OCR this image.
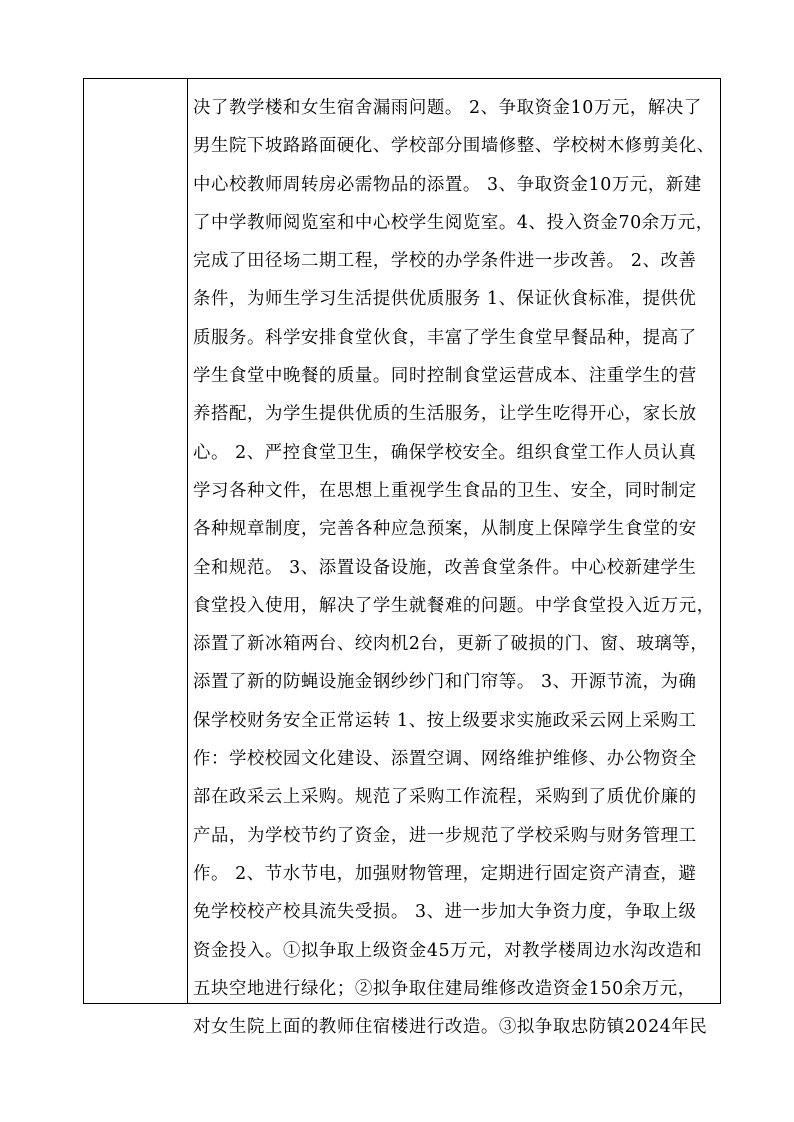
决了教学楼和女生宿舍漏雨问题。 2、争取资金10万元，解决了
男生院下坡路路面硬化、学校部分围墙修整、学校树木修剪美化、
中心校教师周转房必需物品的添置。 3、争取资金10万元，新建
了中学教师阅览室和中心校学生阅览室。4、投入资金70余万元，
完成了田径场二期工程，学校的办学条件进一步改善。 2、改善
条件，为师生学习生活提供优质服务 1、保证伙食标准，提供优
质服务。科学安排食堂伙食，丰富了学生食堂早餐品种，提高了
学生食堂中晚餐的质量。同时控制食堂运营成本、注重学生的营
养搭配，为学生提供优质的生活服务，让学生吃得开心，家长放
心。 2、严控食堂卫生，确保学校安全。组织食堂工作人员认真
学习各种文件，在思想上重视学生食品的卫生、安全，同时制定
各种规章制度，完善各种应急预案，从制度上保障学生食堂的安
全和规范。 3、添置设备设施，改善食堂条件。中心校新建学生
食堂投入使用，解决了学生就餐难的问题。中学食堂投入近万元，
添置了新冰箱两台、绞肉机2台，更新了破损的门、窗、玻璃等，
添置了新的防蝇设施金钢纱纱门和门帘等。 3、开源节流，为确
保学校财务安全正常运转 1、按上级要求实施政采云网上采购工
作：学校校园文化建设、添置空调、网络维护维修、办公物资全
部在政采云上采购。规范了采购工作流程，采购到了质优价廉的
产品，为学校节约了资金，进一步规范了学校采购与财务管理工
作。 2、节水节电，加强财物管理，定期进行固定资产清查，避
免学校校产校具流失受损。 3、进一步加大争资力度，争取上级
资金投入。①拟争取上级资金45万元，对教学楼周边水沟改造和
五块空地进行绿化；②拟争取住建局维修改造资金150余万元，
对女生院上面的教师住宿楼进行改造。③拟争取忠防镇2024年民
